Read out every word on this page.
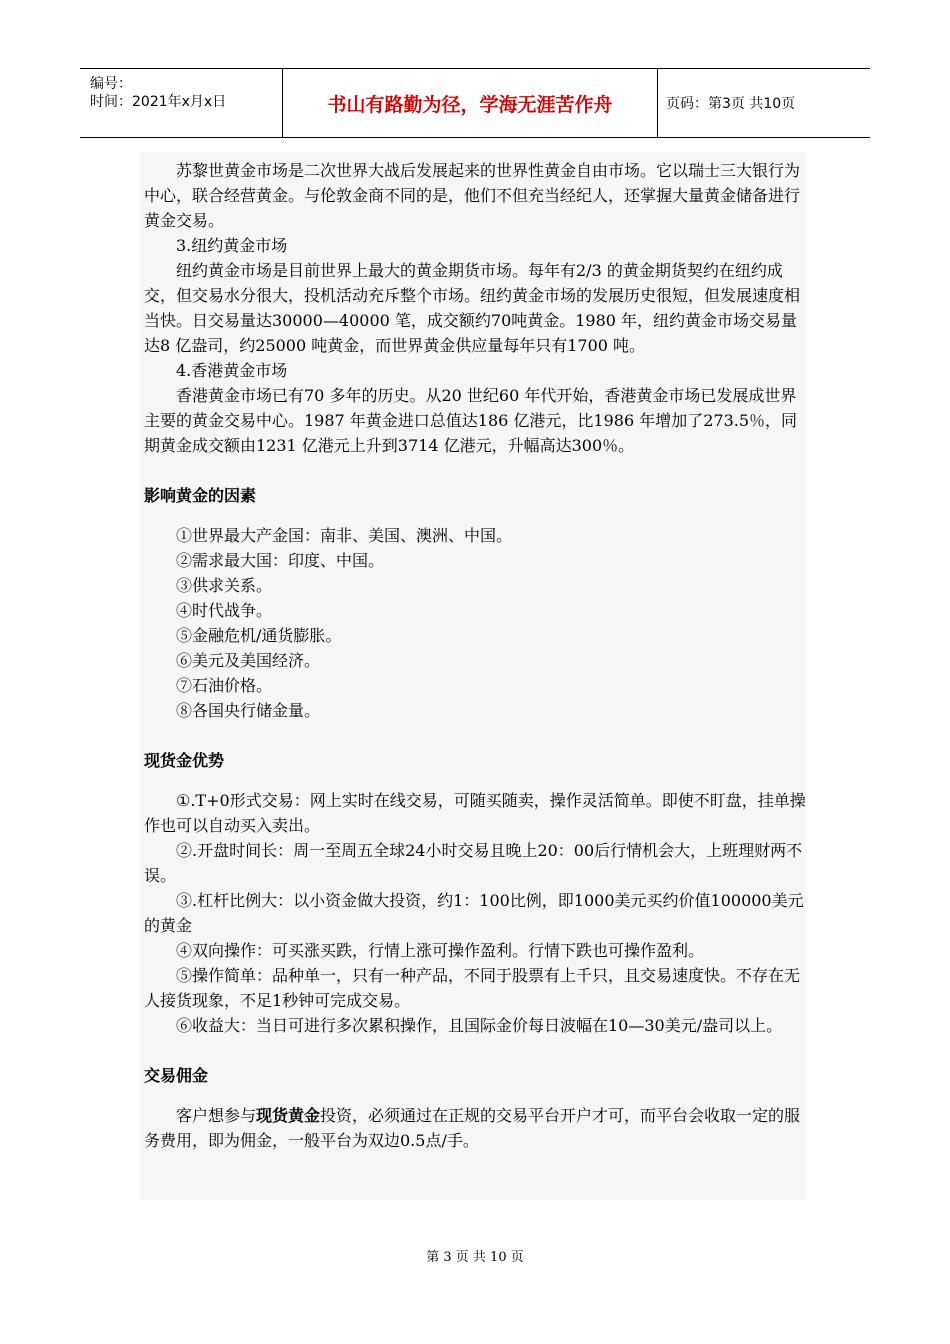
编号：
时间：2021年x月x日	书山有路勤为径，学海无涯苦作舟	页码：第3页 共10页

苏黎世黄金市场是二次世界大战后发展起来的世界性黄金自由市场。它以瑞士三大银行为中心，联合经营黄金。与伦敦金商不同的是，他们不但充当经纪人，还掌握大量黄金储备进行黄金交易。

3.纽约黄金市场

纽约黄金市场是目前世界上最大的黄金期货市场。每年有2/3 的黄金期货契约在纽约成交，但交易水分很大，投机活动充斥整个市场。纽约黄金市场的发展历史很短，但发展速度相当快。日交易量达30000—40000 笔，成交额约70吨黄金。1980 年，纽约黄金市场交易量达8 亿盎司，约25000 吨黄金，而世界黄金供应量每年只有1700 吨。

4.香港黄金市场

香港黄金市场已有70 多年的历史。从20 世纪60 年代开始，香港黄金市场已发展成世界主要的黄金交易中心。1987 年黄金进口总值达186 亿港元，比1986 年增加了273.5％，同期黄金成交额由1231 亿港元上升到3714 亿港元，升幅高达300％。

影响黄金的因素

①世界最大产金国：南非、美国、澳洲、中国。

②需求最大国：印度、中国。

③供求关系。

④时代战争。

⑤金融危机/通货膨胀。

⑥美元及美国经济。

⑦石油价格。

⑧各国央行储金量。

现货金优势

①.T+0形式交易：网上实时在线交易，可随买随卖，操作灵活简单。即使不盯盘，挂单操作也可以自动买入卖出。

②.开盘时间长：周一至周五全球24小时交易且晚上20：00后行情机会大，上班理财两不误。

③.杠杆比例大：以小资金做大投资，约1：100比例，即1000美元买约价值100000美元的黄金

④双向操作：可买涨买跌，行情上涨可操作盈利。行情下跌也可操作盈利。

⑤操作简单：品种单一，只有一种产品，不同于股票有上千只，且交易速度快。不存在无人接货现象，不足1秒钟可完成交易。

⑥收益大：当日可进行多次累积操作，且国际金价每日波幅在10—30美元/盎司以上。

交易佣金

客户想参与现货黄金投资，必须通过在正规的交易平台开户才可，而平台会收取一定的服务费用，即为佣金，一般平台为双边0.5点/手。

第 3 页 共 10 页
